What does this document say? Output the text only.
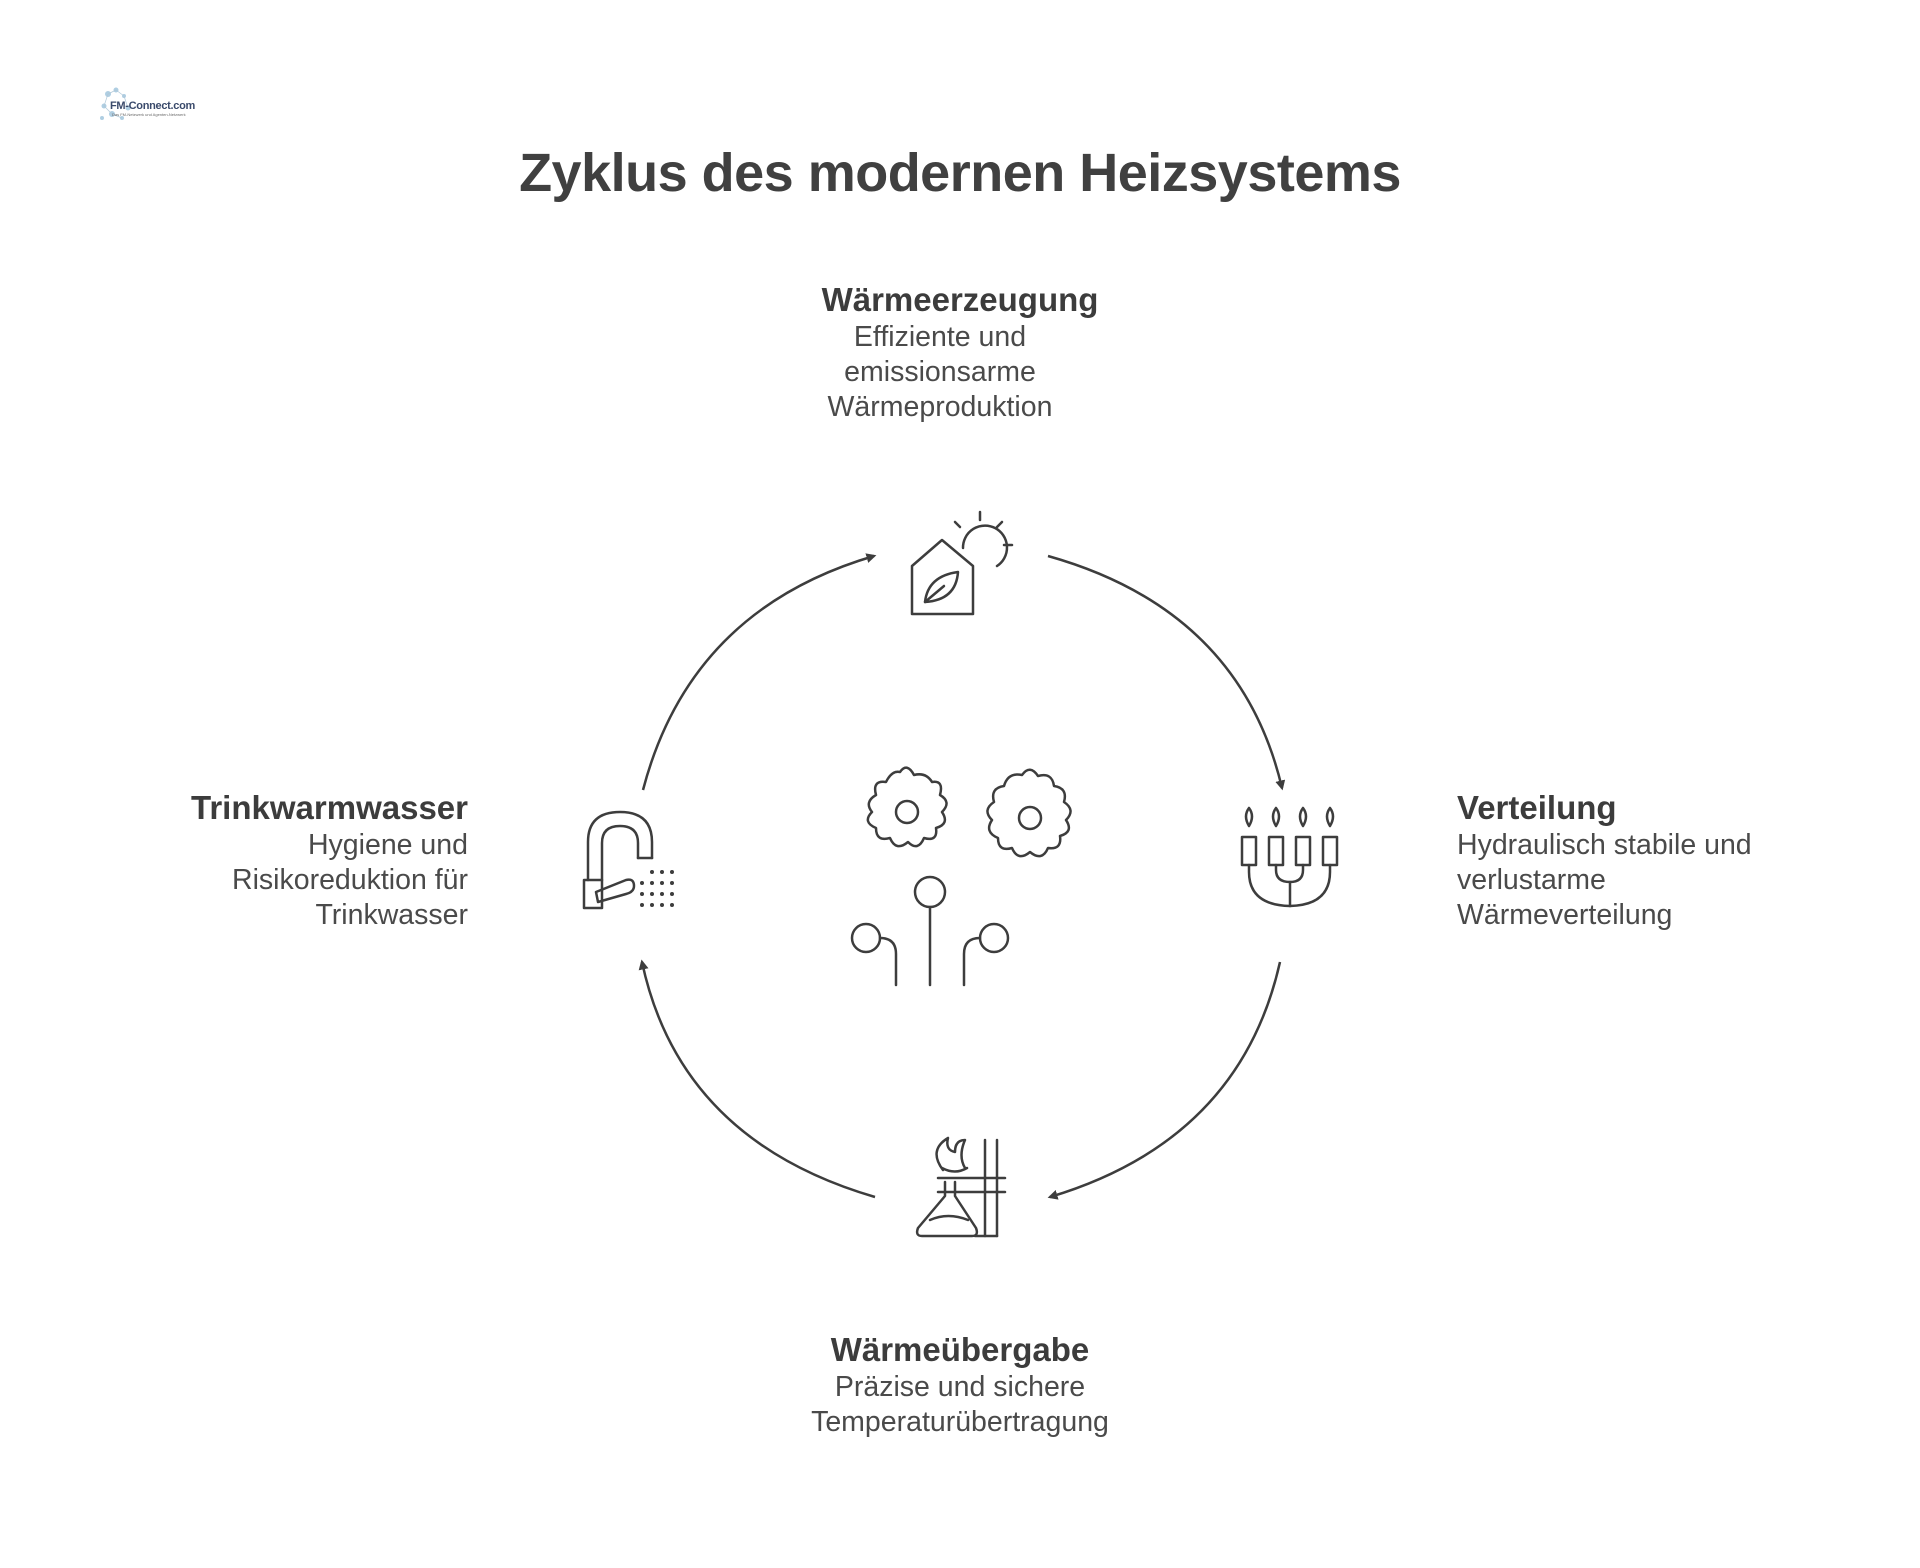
FM-Connect.com
Das FM-Netzwerk und Agenten-Netzwerk
Zyklus des modernen Heizsystems
Wärmeerzeugung
Effiziente und
emissionsarme
Wärmeproduktion
Verteilung
Hydraulisch stabile und
verlustarme
Wärmeverteilung
Wärmeübergabe
Präzise und sichere
Temperaturübertragung
Trinkwarmwasser
Hygiene und
Risikoreduktion für
Trinkwasser
